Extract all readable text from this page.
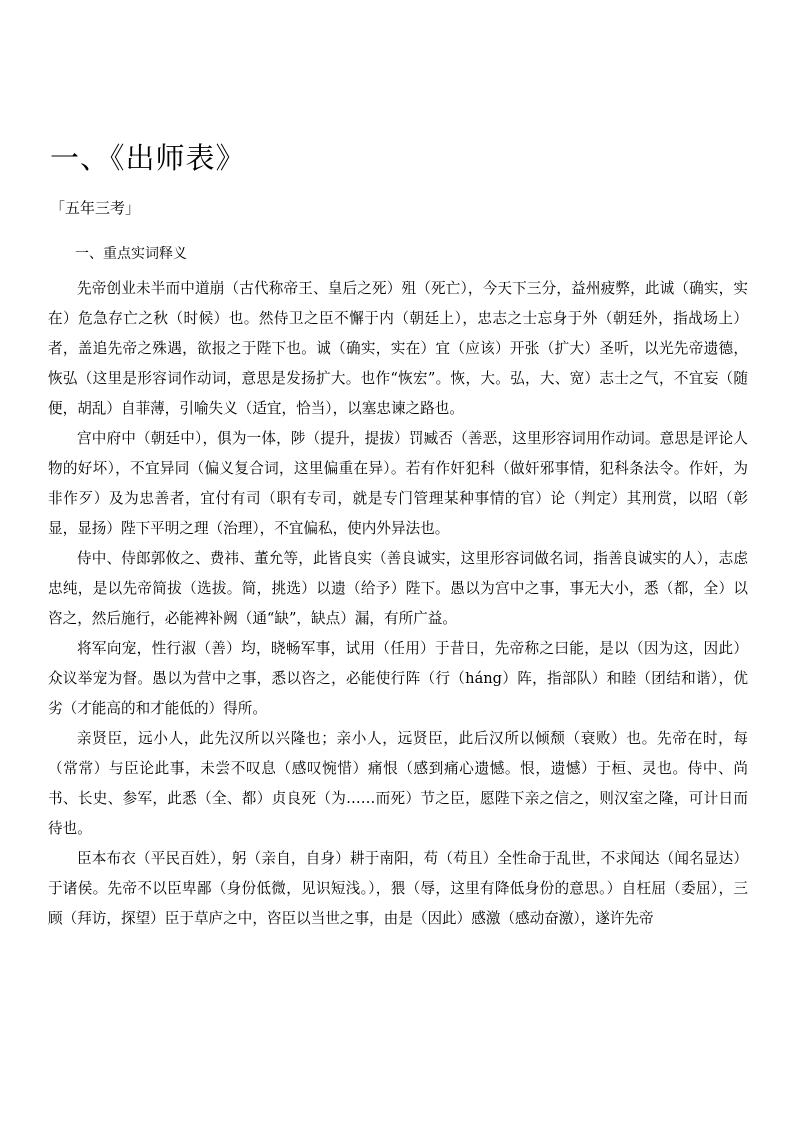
一、《出师表》
「五年三考」
一、重点实词释义

先帝创业未半而中道崩（古代称帝王、皇后之死）殂（死亡），今天下三分，益州疲弊，此诚（确实，实在）危急存亡之秋（时候）也。然侍卫之臣不懈于内（朝廷上），忠志之士忘身于外（朝廷外，指战场上）者，盖追先帝之殊遇，欲报之于陛下也。诚（确实，实在）宜（应该）开张（扩大）圣听，以光先帝遗德，恢弘（这里是形容词作动词，意思是发扬扩大。也作“恢宏”。恢，大。弘，大、宽）志士之气，不宜妄（随便，胡乱）自菲薄，引喻失义（适宜，恰当），以塞忠谏之路也。

宫中府中（朝廷中），俱为一体，陟（提升，提拔）罚臧否（善恶，这里形容词用作动词。意思是评论人物的好坏），不宜异同（偏义复合词，这里偏重在异）。若有作奸犯科（做奸邪事情，犯科条法令。作奸，为非作歹）及为忠善者，宜付有司（职有专司，就是专门管理某种事情的官）论（判定）其刑赏，以昭（彰显，显扬）陛下平明之理（治理），不宜偏私，使内外异法也。

侍中、侍郎郭攸之、费祎、董允等，此皆良实（善良诚实，这里形容词做名词，指善良诚实的人），志虑忠纯，是以先帝简拔（选拔。简，挑选）以遗（给予）陛下。愚以为宫中之事，事无大小，悉（都，全）以咨之，然后施行，必能裨补阙（通“缺”，缺点）漏，有所广益。

将军向宠，性行淑（善）均，晓畅军事，试用（任用）于昔日，先帝称之曰能，是以（因为这，因此）众议举宠为督。愚以为营中之事，悉以咨之，必能使行阵（行（háng）阵，指部队）和睦（团结和谐），优劣（才能高的和才能低的）得所。

亲贤臣，远小人，此先汉所以兴隆也；亲小人，远贤臣，此后汉所以倾颓（衰败）也。先帝在时，每（常常）与臣论此事，未尝不叹息（感叹惋惜）痛恨（感到痛心遗憾。恨，遗憾）于桓、灵也。侍中、尚书、长史、参军，此悉（全、都）贞良死（为……而死）节之臣，愿陛下亲之信之，则汉室之隆，可计日而待也。

臣本布衣（平民百姓），躬（亲自，自身）耕于南阳，苟（苟且）全性命于乱世，不求闻达（闻名显达）于诸侯。先帝不以臣卑鄙（身份低微，见识短浅。），猥（辱，这里有降低身份的意思。）自枉屈（委屈），三顾（拜访，探望）臣于草庐之中，咨臣以当世之事，由是（因此）感激（感动奋激），遂许先帝
